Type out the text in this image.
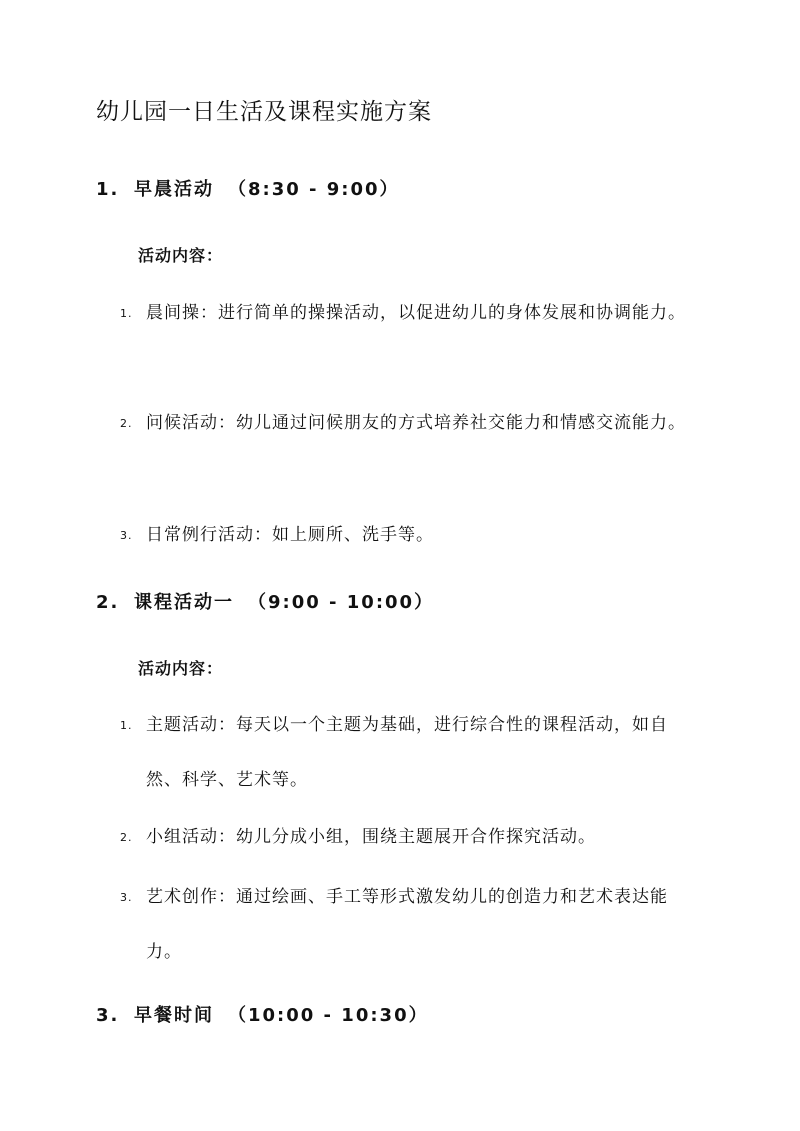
幼儿园一日生活及课程实施方案
1. 早晨活动 （8:30 - 9:00）
活动内容：
1. 晨间操：进行简单的操操活动，以促进幼儿的身体发展和协调能力。
2. 问候活动：幼儿通过问候朋友的方式培养社交能力和情感交流能力。
3. 日常例行活动：如上厕所、洗手等。
2. 课程活动一 （9:00 - 10:00）
活动内容：
1. 主题活动：每天以一个主题为基础，进行综合性的课程活动，如自然、科学、艺术等。
2. 小组活动：幼儿分成小组，围绕主题展开合作探究活动。
3. 艺术创作：通过绘画、手工等形式激发幼儿的创造力和艺术表达能力。
3. 早餐时间 （10:00 - 10:30）
